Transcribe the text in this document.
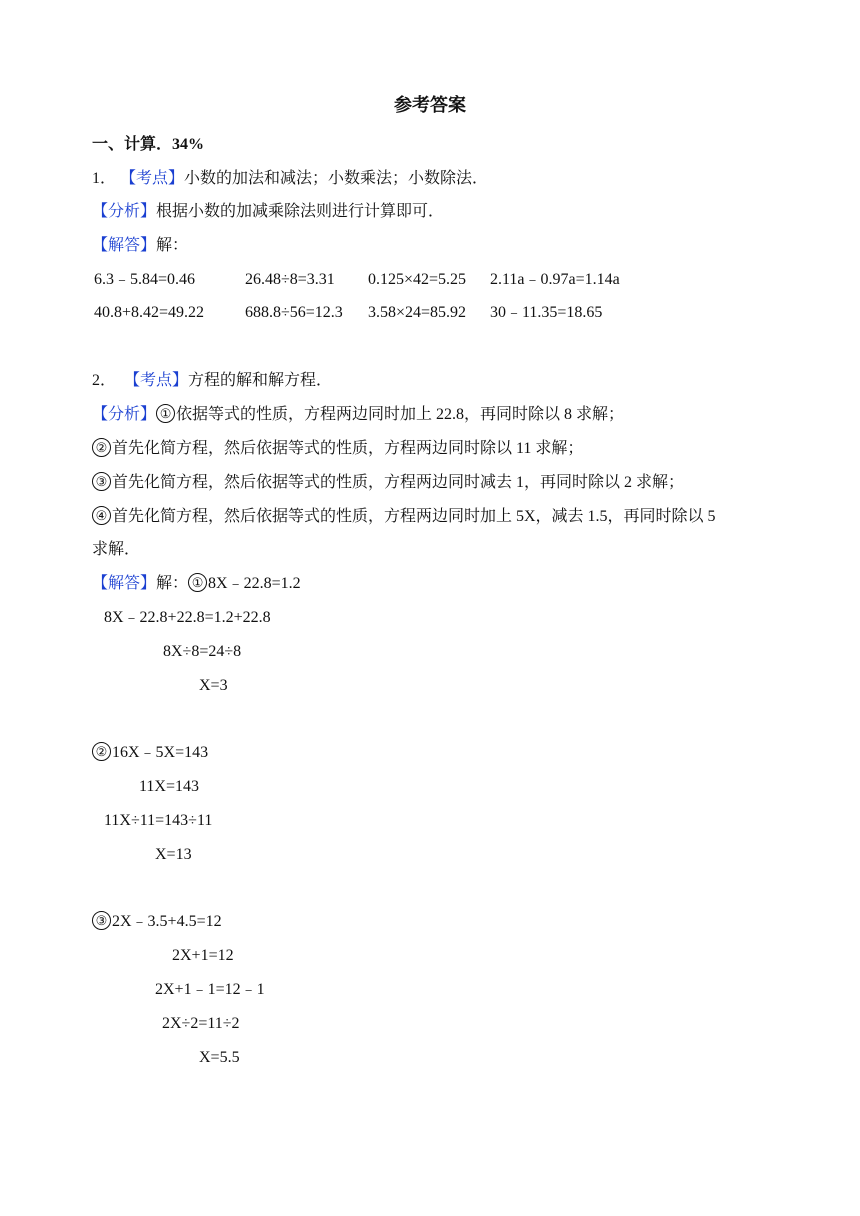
参考答案
一、计算．34%
1． 【考点】小数的加法和减法；小数乘法；小数除法．
【分析】根据小数的加减乘除法则进行计算即可．
【解答】解：

6.3﹣5.84=0.46

	26.48÷8=3.31

0.125×42=5.25

2.11a﹣0.97a=1.14a

40.8+8.42=49.22

	688.8÷56=12.3

3.58×24=85.92

30﹣11.35=18.65

2． 【考点】方程的解和解方程．
【分析】 ① 依据等式的性质，方程两边同时加上 22.8，再同时除以 8 求解；
② 首先化简方程，然后依据等式的性质，方程两边同时除以 11 求解；
③ 首先化简方程，然后依据等式的性质，方程两边同时减去 1，再同时除以 2 求解；
④ 首先化简方程，然后依据等式的性质，方程两边同时加上 5X，减去 1.5，再同时除以 5
求解．
【解答】解： ① 8X﹣22.8=1.2
8X﹣22.8+22.8=1.2+22.8
8X÷8=24÷8
X=3
② 16X﹣5X=143
11X=143
11X÷11=143÷11
X=13
③ 2X﹣3.5+4.5=12
2X+1=12
2X+1﹣1=12﹣1
2X÷2=11÷2
X=5.5
